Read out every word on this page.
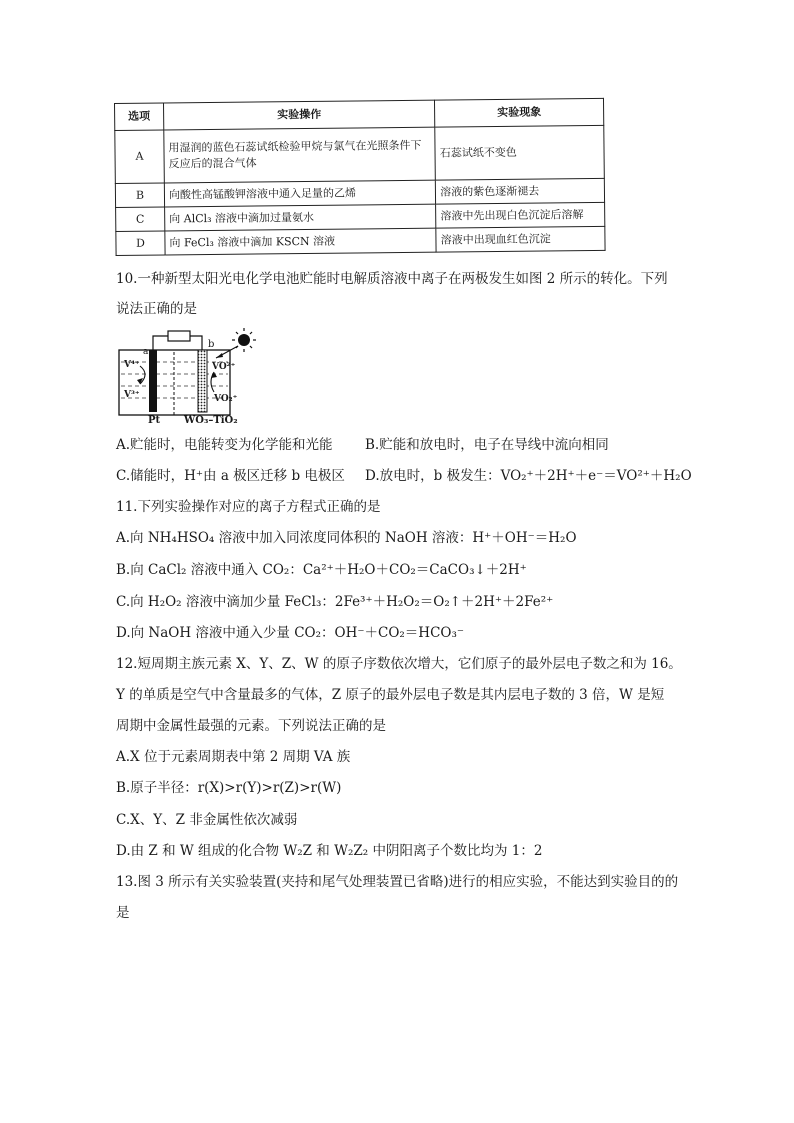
选项	实验操作	实验现象
A	用湿润的蓝色石蕊试纸检验甲烷与氯气在光照条件下反应后的混合气体	石蕊试纸不变色
B	向酸性高锰酸钾溶液中通入足量的乙烯	溶液的紫色逐渐褪去
C	向 AlCl₃ 溶液中滴加过量氨水	溶液中先出现白色沉淀后溶解
D	向 FeCl₃ 溶液中滴加 KSCN 溶液	溶液中出现血红色沉淀
10.一种新型太阳光电化学电池贮能时电解质溶液中离子在两极发生如图 2 所示的转化。下列
说法正确的是
a
b
V⁴⁺
V³⁺
VO²⁺
VO₂⁺
Pt WO₃–TiO₂
A.贮能时，电能转变为化学能和光能 B.贮能和放电时，电子在导线中流向相同
C.储能时，H⁺由 a 极区迁移 b 电极区 D.放电时，b 极发生：VO₂⁺＋2H⁺＋e⁻＝VO²⁺＋H₂O
11.下列实验操作对应的离子方程式正确的是
A.向 NH₄HSO₄ 溶液中加入同浓度同体积的 NaOH 溶液：H⁺＋OH⁻＝H₂O
B.向 CaCl₂ 溶液中通入 CO₂：Ca²⁺＋H₂O＋CO₂＝CaCO₃↓＋2H⁺
C.向 H₂O₂ 溶液中滴加少量 FeCl₃：2Fe³⁺＋H₂O₂＝O₂↑＋2H⁺＋2Fe²⁺
D.向 NaOH 溶液中通入少量 CO₂：OH⁻＋CO₂＝HCO₃⁻
12.短周期主族元素 X、Y、Z、W 的原子序数依次增大，它们原子的最外层电子数之和为 16。
Y 的单质是空气中含量最多的气体，Z 原子的最外层电子数是其内层电子数的 3 倍，W 是短
周期中金属性最强的元素。下列说法正确的是
A.X 位于元素周期表中第 2 周期 VA 族
B.原子半径：r(X)>r(Y)>r(Z)>r(W)
C.X、Y、Z 非金属性依次减弱
D.由 Z 和 W 组成的化合物 W₂Z 和 W₂Z₂ 中阴阳离子个数比均为 1：2
13.图 3 所示有关实验装置(夹持和尾气处理装置已省略)进行的相应实验，不能达到实验目的的
是
